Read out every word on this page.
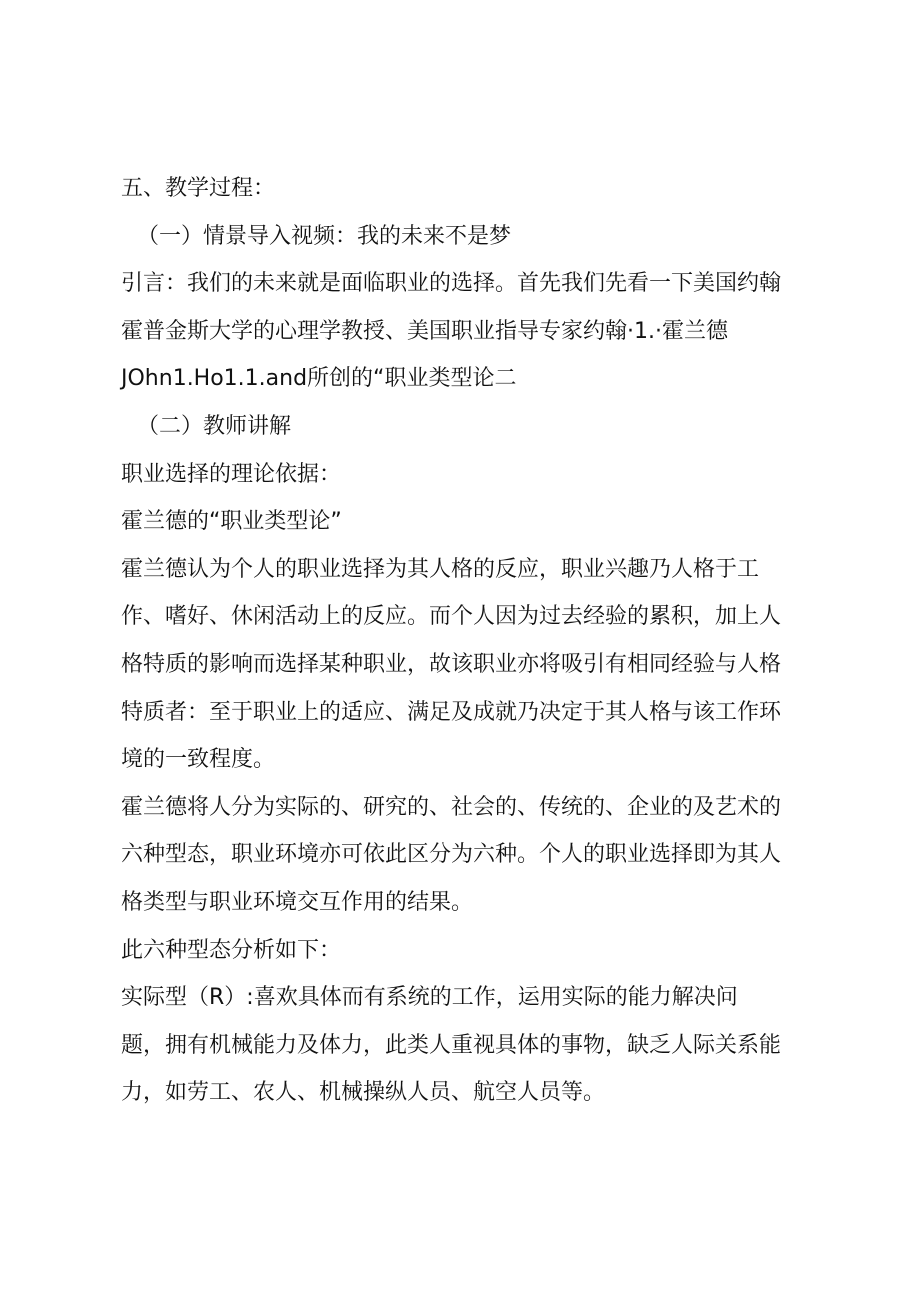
五、教学过程：
（一）情景导入视频：我的未来不是梦
引言：我们的未来就是面临职业的选择。首先我们先看一下美国约翰
霍普金斯大学的心理学教授、美国职业指导专家约翰·1.·霍兰德
JOhn1.Ho1.1.and所创的“职业类型论二
（二）教师讲解
职业选择的理论依据：
霍兰德的“职业类型论”
霍兰德认为个人的职业选择为其人格的反应，职业兴趣乃人格于工
作、嗜好、休闲活动上的反应。而个人因为过去经验的累积，加上人
格特质的影响而选择某种职业，故该职业亦将吸引有相同经验与人格
特质者：至于职业上的适应、满足及成就乃决定于其人格与该工作环
境的一致程度。
霍兰德将人分为实际的、研究的、社会的、传统的、企业的及艺术的
六种型态，职业环境亦可依此区分为六种。个人的职业选择即为其人
格类型与职业环境交互作用的结果。
此六种型态分析如下：
实际型（R）:喜欢具体而有系统的工作，运用实际的能力解决问
题，拥有机械能力及体力，此类人重视具体的事物，缺乏人际关系能
力，如劳工、农人、机械操纵人员、航空人员等。
